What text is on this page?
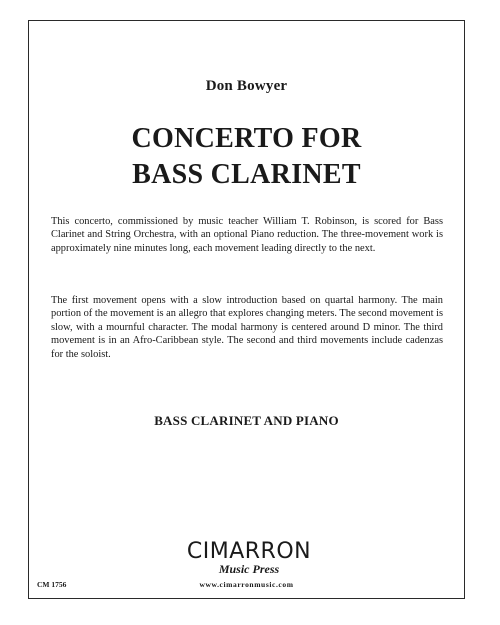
Don Bowyer
CONCERTO FOR
BASS CLARINET

This concerto, commissioned by music teacher William T. Robinson, is scored for Bass Clarinet and String Orchestra, with an optional Piano reduction. The three-movement work is approximately nine minutes long, each movement leading directly to the next.

The first movement opens with a slow introduction based on quartal harmony. The main portion of the movement is an allegro that explores changing meters. The second movement is slow, with a mournful character. The modal harmony is centered around D minor. The third movement is in an Afro-Caribbean style. The second and third movements include cadenzas for the soloist.

BASS CLARINET AND PIANO
CIMARRON
Music Press
CM 1756	www.cimarronmusic.com
